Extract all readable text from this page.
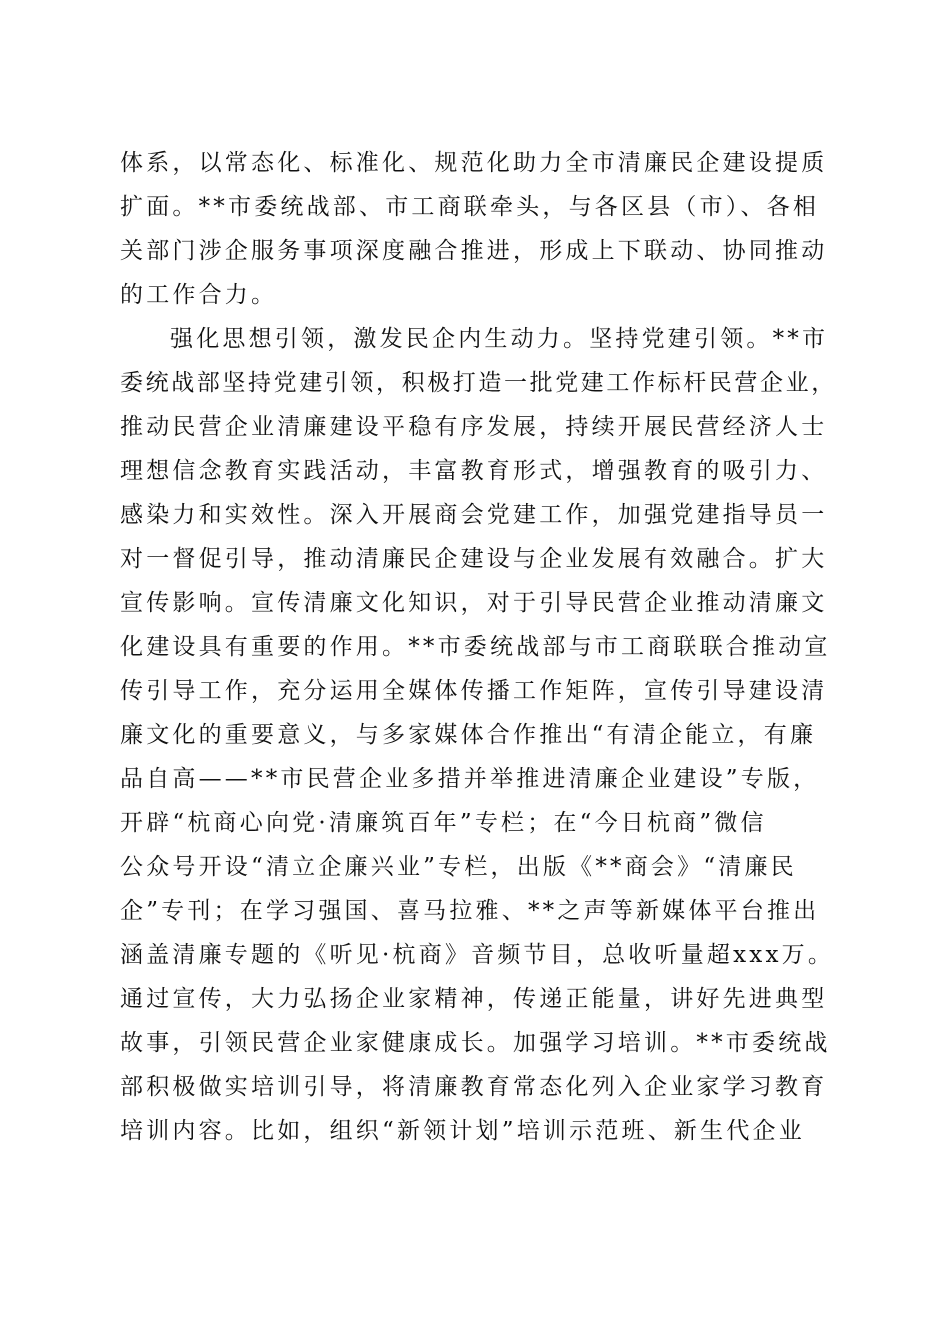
体系，以常态化、标准化、规范化助力全市清廉民企建设提质
扩面。**市委统战部、市工商联牵头，与各区县（市）、各相
关部门涉企服务事项深度融合推进，形成上下联动、协同推动
的工作合力。
强化思想引领，激发民企内生动力。坚持党建引领。**市
委统战部坚持党建引领，积极打造一批党建工作标杆民营企业，
推动民营企业清廉建设平稳有序发展，持续开展民营经济人士
理想信念教育实践活动，丰富教育形式，增强教育的吸引力、
感染力和实效性。深入开展商会党建工作，加强党建指导员一
对一督促引导，推动清廉民企建设与企业发展有效融合。扩大
宣传影响。宣传清廉文化知识，对于引导民营企业推动清廉文
化建设具有重要的作用。**市委统战部与市工商联联合推动宣
传引导工作，充分运用全媒体传播工作矩阵，宣传引导建设清
廉文化的重要意义，与多家媒体合作推出“有清企能立，有廉
品自高——**市民营企业多措并举推进清廉企业建设”专版，
开辟“杭商心向党·清廉筑百年”专栏；在“今日杭商”微信
公众号开设“清立企廉兴业”专栏，出版《**商会》“清廉民
企”专刊；在学习强国、喜马拉雅、**之声等新媒体平台推出
涵盖清廉专题的《听见·杭商》音频节目，总收听量超xxx万。
通过宣传，大力弘扬企业家精神，传递正能量，讲好先进典型
故事，引领民营企业家健康成长。加强学习培训。**市委统战
部积极做实培训引导，将清廉教育常态化列入企业家学习教育
培训内容。比如，组织“新领计划”培训示范班、新生代企业
